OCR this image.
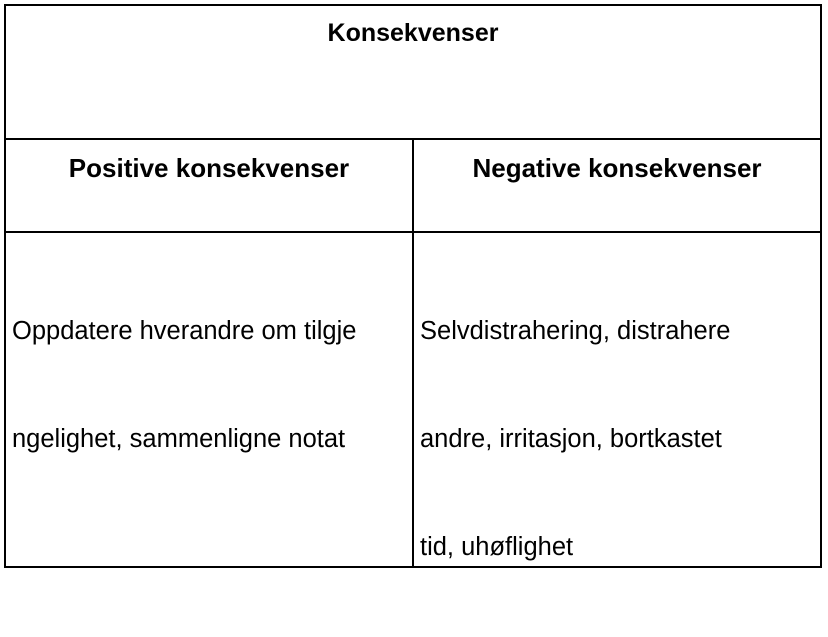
Konsekvenser
Positive konsekvenser	Negative konsekvenser

Oppdatere hverandre om tilgje

ngelighet, sammenligne notat

Selvdistrahering, distrahere

andre, irritasjon, bortkastet

tid, uhøflighet
